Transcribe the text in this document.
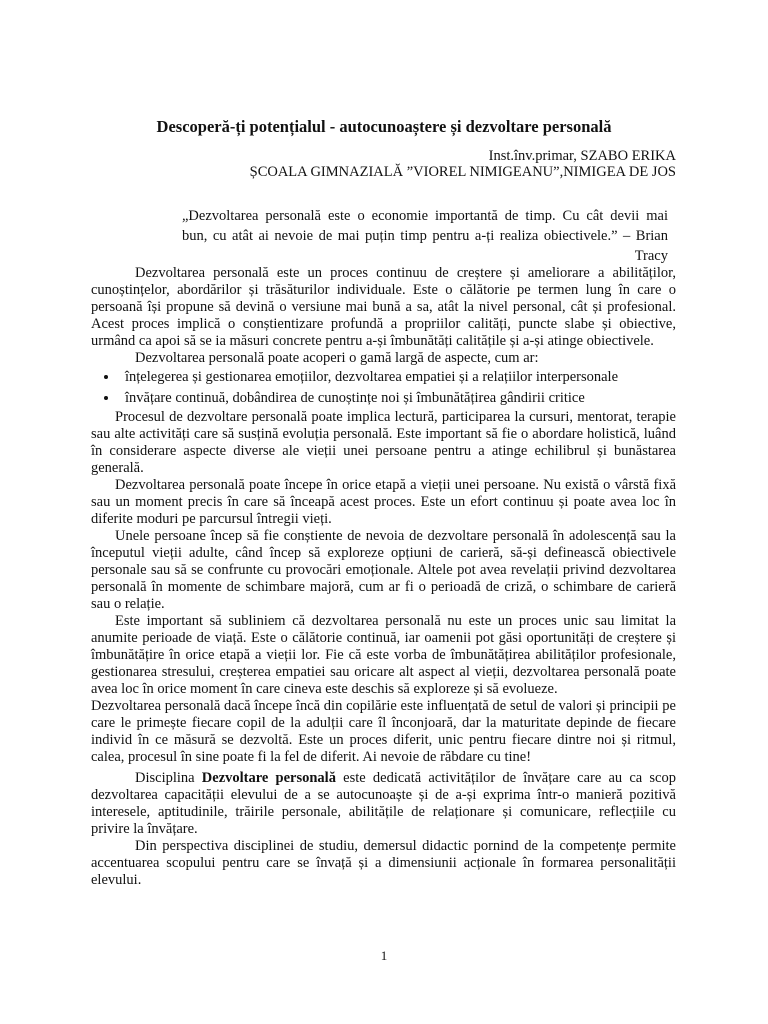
Descoperă-ți potențialul - autocunoaștere și dezvoltare personală
Inst.înv.primar, SZABO ERIKA
ȘCOALA GIMNAZIALĂ ”VIOREL NIMIGEANU”,NIMIGEA DE JOS
„Dezvoltarea personală este o economie importantă de timp. Cu cât devii mai
bun, cu atât ai nevoie de mai puțin timp pentru a-ți realiza obiectivele.” – Brian Tracy

Dezvoltarea personală este un proces continuu de creștere și ameliorare a abilităților, cunoștințelor, abordărilor și trăsăturilor individuale. Este o călătorie pe termen lung în care o persoană își propune să devină o versiune mai bună a sa, atât la nivel personal, cât și profesional. Acest proces implică o conștientizare profundă a propriilor calități, puncte slabe și obiective, urmând ca apoi să se ia măsuri concrete pentru a-și îmbunătăți calitățile și a-și atinge obiectivele.

Dezvoltarea personală poate acoperi o gamă largă de aspecte, cum ar:

• înțelegerea și gestionarea emoțiilor, dezvoltarea empatiei și a relațiilor interpersonale
• învățare continuă, dobândirea de cunoștințe noi și îmbunătățirea gândirii critice

Procesul de dezvoltare personală poate implica lectură, participarea la cursuri, mentorat, terapie sau alte activități care să susțină evoluția personală. Este important să fie o abordare holistică, luând în considerare aspecte diverse ale vieții unei persoane pentru a atinge echilibrul și bunăstarea generală.

Dezvoltarea personală poate începe în orice etapă a vieții unei persoane. Nu există o vârstă fixă sau un moment precis în care să înceapă acest proces. Este un efort continuu și poate avea loc în diferite moduri pe parcursul întregii vieți.

Unele persoane încep să fie conștiente de nevoia de dezvoltare personală în adolescență sau la începutul vieții adulte, când încep să exploreze opțiuni de carieră, să-și definească obiectivele personale sau să se confrunte cu provocări emoționale. Altele pot avea revelații privind dezvoltarea personală în momente de schimbare majoră, cum ar fi o perioadă de criză, o schimbare de carieră sau o relație.

Este important să subliniem că dezvoltarea personală nu este un proces unic sau limitat la anumite perioade de viață. Este o călătorie continuă, iar oamenii pot găsi oportunități de creștere și îmbunătățire în orice etapă a vieții lor. Fie că este vorba de îmbunătățirea abilităților profesionale, gestionarea stresului, creșterea empatiei sau oricare alt aspect al vieții, dezvoltarea personală poate avea loc în orice moment în care cineva este deschis să exploreze și să evolueze.

Dezvoltarea personală dacă începe încă din copilărie este influențată de setul de valori și principii pe care le primește fiecare copil de la adulții care îl înconjoară, dar la maturitate depinde de fiecare individ în ce măsură se dezvoltă. Este un proces diferit, unic pentru fiecare dintre noi și ritmul, calea, procesul în sine poate fi la fel de diferit. Ai nevoie de răbdare cu tine!

Disciplina Dezvoltare personală este dedicată activităților de învățare care au ca scop dezvoltarea capacității elevului de a se autocunoaște și de a-și exprima într-o manieră pozitivă interesele, aptitudinile, trăirile personale, abilitățile de relaționare și comunicare, reflecțiile cu privire la învățare.

Din perspectiva disciplinei de studiu, demersul didactic pornind de la competențe permite accentuarea scopului pentru care se învață și a dimensiunii acționale în formarea personalității elevului.

1
